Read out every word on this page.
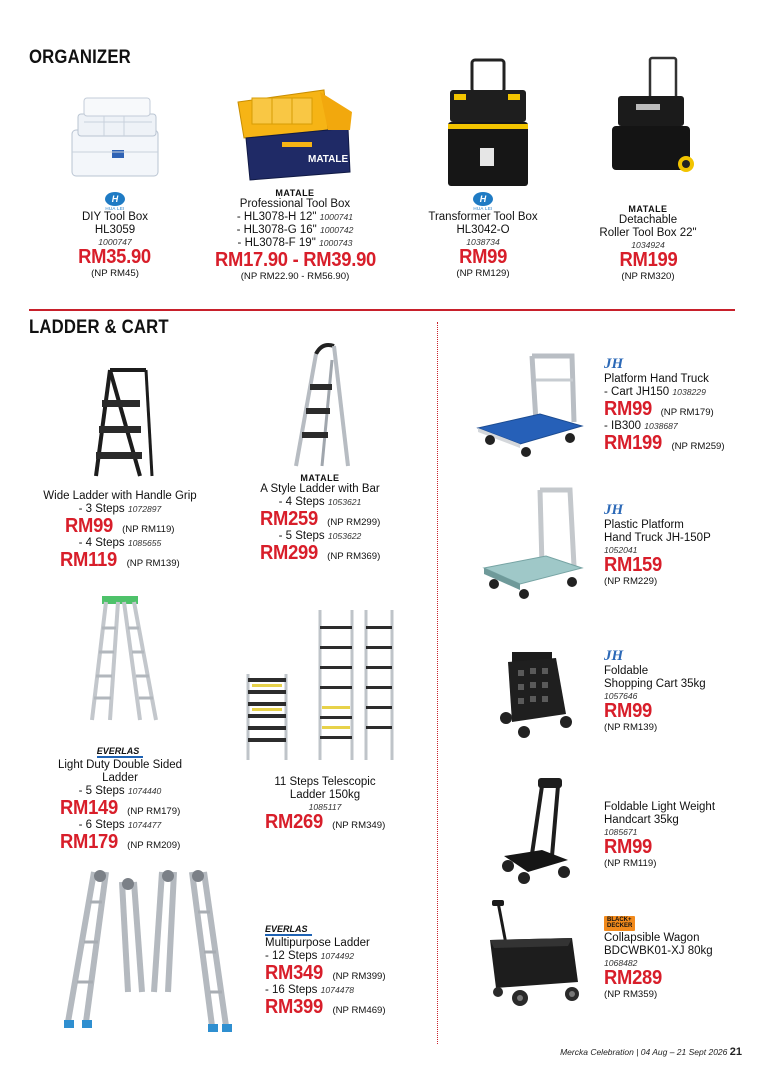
ORGANIZER
H
HUA LEI
DIY Tool Box
HL3059
1000747
RM35.90
(NP RM45)
MATALE
MATALE
Professional Tool Box
- HL3078-H 12" 1000741
- HL3078-G 16" 1000742
- HL3078-F 19" 1000743
RM17.90 - RM39.90
(NP RM22.90 - RM56.90)
H
HUA LEI
Transformer Tool Box
HL3042-O
1038734
RM99
(NP RM129)
MATALE
Detachable
Roller Tool Box 22"
1034924
RM199
(NP RM320)
LADDER & CART
Wide Ladder with Handle Grip
- 3 Steps 1072897
RM99 (NP RM119)
- 4 Steps 1085655
RM119 (NP RM139)
MATALE
A Style Ladder with Bar
- 4 Steps 1053621
RM259 (NP RM299)
- 5 Steps 1053622
RM299 (NP RM369)
EVERLAS
Light Duty Double Sided Ladder
- 5 Steps 1074440
RM149 (NP RM179)
- 6 Steps 1074477
RM179 (NP RM209)
11 Steps Telescopic
Ladder 150kg
1085117
RM269 (NP RM349)
EVERLAS
Multipurpose Ladder
- 12 Steps 1074492
RM349 (NP RM399)
- 16 Steps 1074478
RM399 (NP RM469)
JH
Platform Hand Truck
- Cart JH150 1038229
RM99 (NP RM179)
- IB300 1038687
RM199 (NP RM259)
JH
Plastic Platform
Hand Truck JH-150P
1052041
RM159
(NP RM229)
JH
Foldable
Shopping Cart 35kg
1057646
RM99
(NP RM139)
Foldable Light Weight
Handcart 35kg
1085671
RM99
(NP RM119)
BLACK+
DECKER
Collapsible Wagon
BDCWBK01-XJ 80kg
1068482
RM289
(NP RM359)
Mercka Celebration | 04 Aug – 21 Sept 2026 21
